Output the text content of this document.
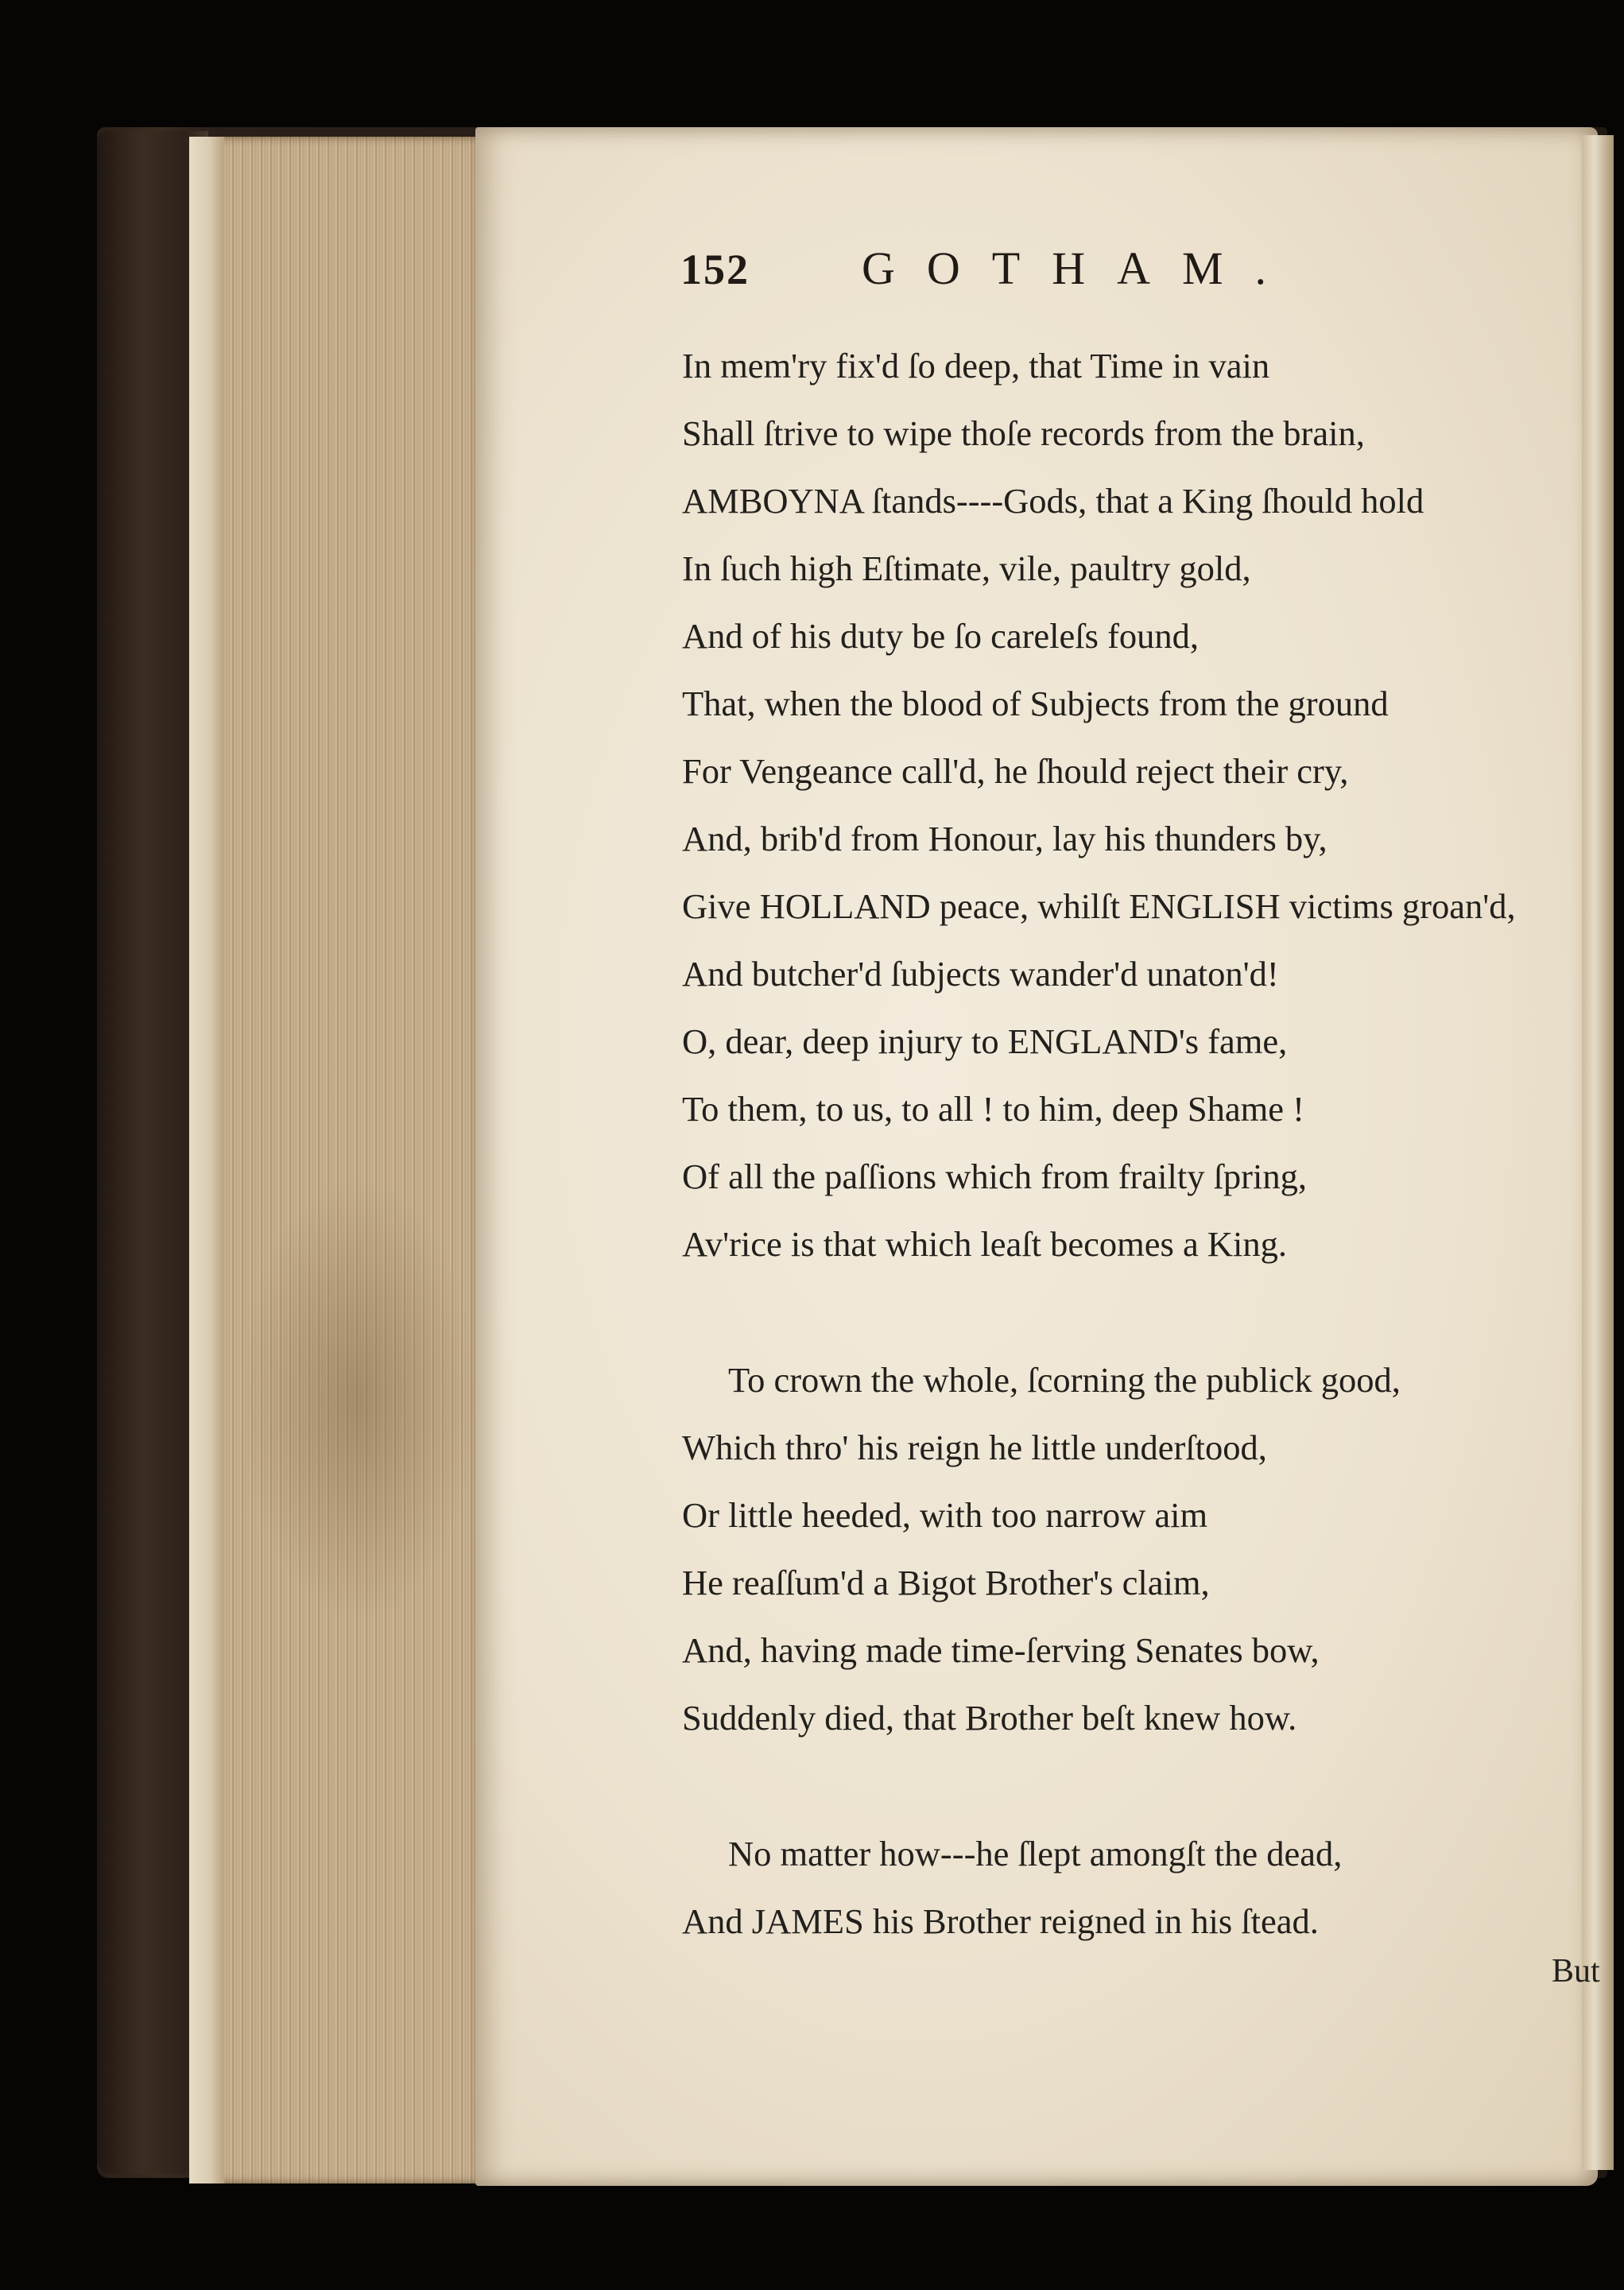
152 GOTHAM.
In mem'ry fix'd ſo deep, that Time in vain
Shall ſtrive to wipe thoſe records from the brain,
AMBOYNA ſtands----Gods, that a King ſhould hold
In ſuch high Eſtimate, vile, paultry gold,
And of his duty be ſo careleſs found,
That, when the blood of Subjects from the ground
For Vengeance call'd, he ſhould reject their cry,
And, brib'd from Honour, lay his thunders by,
Give HOLLAND peace, whilſt ENGLISH victims groan'd,
And butcher'd ſubjects wander'd unaton'd!
O, dear, deep injury to ENGLAND's fame,
To them, to us, to all ! to him, deep Shame !
Of all the paſſions which from frailty ſpring,
Av'rice is that which leaſt becomes a King.
To crown the whole, ſcorning the publick good,
Which thro' his reign he little underſtood,
Or little heeded, with too narrow aim
He reaſſum'd a Bigot Brother's claim,
And, having made time-ſerving Senates bow,
Suddenly died, that Brother beſt knew how.
No matter how---he ſlept amongſt the dead,
And JAMES his Brother reigned in his ſtead.
But
